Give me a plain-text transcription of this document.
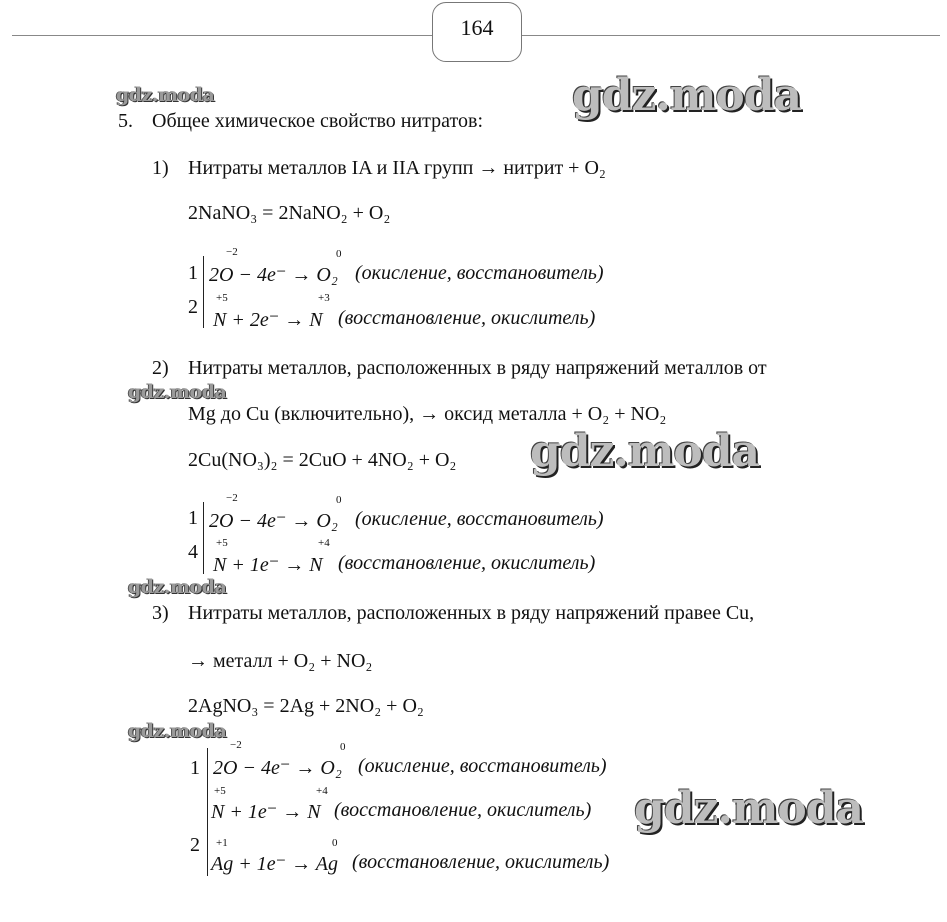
164
gdz.moda	gdz.moda
gdz.moda
gdz.moda
gdz.moda
gdz.moda
gdz.moda
5. Общее химическое свойство нитратов:
1) Нитраты металлов IA и IIA групп → нитрит + O₂
2NaNO₃ = 2NaNO₂ + O₂
1
−2	0
2O − 4e⁻ → O₂ (окисление, восстановитель)
2 +5	+3
N + 2e⁻ → N (восстановление, окислитель)
2) Нитраты металлов, расположенных в ряду напряжений металлов от
Mg до Cu (включительно), → оксид металла + O₂ + NO₂
2Cu(NO₃)₂ = 2CuO + 4NO₂ + O₂
1
−2	0
2O − 4e⁻ → O₂ (окисление, восстановитель)
4 +5	+4
N + 1e⁻ → N (восстановление, окислитель)
3) Нитраты металлов, расположенных в ряду напряжений правее Cu,
→ металл + O₂ + NO₂
2AgNO₃ = 2Ag + 2NO₂ + O₂
1
−2	0
2O − 4e⁻ → O₂ (окисление, восстановитель)
+5	+4
N + 1e⁻ → N (восстановление, окислитель)
2 +1	0
Ag + 1e⁻ → Ag (восстановление, окислитель)
